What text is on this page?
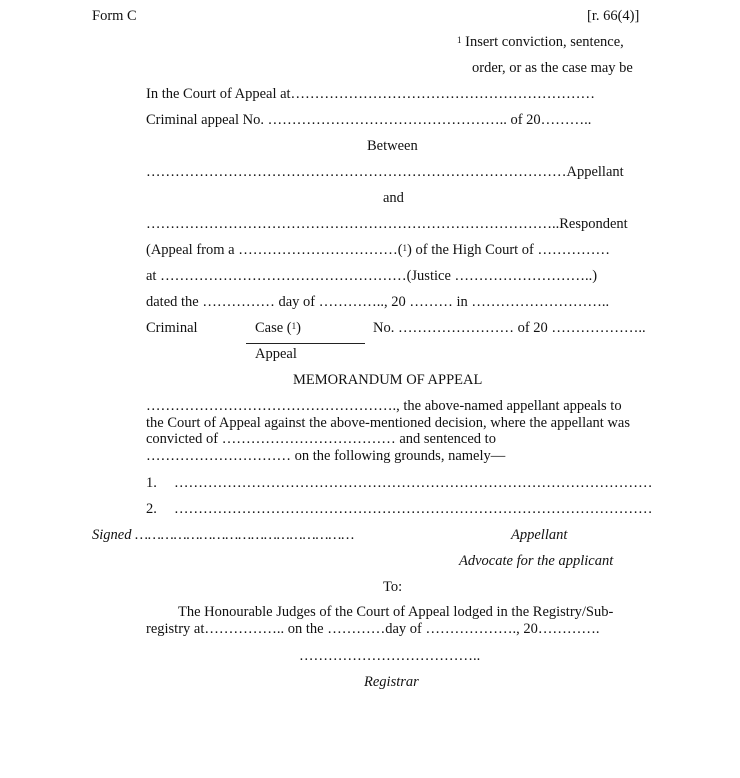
Form C	[r. 66(4)]
$^1$ Insert conviction, sentence,
order, or as the case may be
In the Court of Appeal at………………………………………………………
Criminal appeal No. ………………………………………….. of 20………..
Between
……………………………………………………………………………Appellant
and
…………………………………………………………………………..Respondent
(Appeal from a ……………………………($^1$) of the High Court of ……………
at ……………………………………………(Justice ………………………..)
dated the …………… day of ………….., 20 ……… in ………………………..
Criminal	Case ($^1$)	No. …………………… of 20 ………………..
Appeal
MEMORANDUM OF APPEAL
……………………………………………., the above-named appellant appeals to the Court of Appeal against the above-mentioned decision, where the appellant was convicted of ……………………………… and sentenced to ………………………… on the following grounds, namely—
1. ………………………………………………………………………………………
2. ………………………………………………………………………………………
Signed ……………………………………………	Appellant
Advocate for the applicant
To:
The Honourable Judges of the Court of Appeal lodged in the Registry/Sub-registry at…………….. on the …………day of ………………., 20………….
………………………………..
Registrar
